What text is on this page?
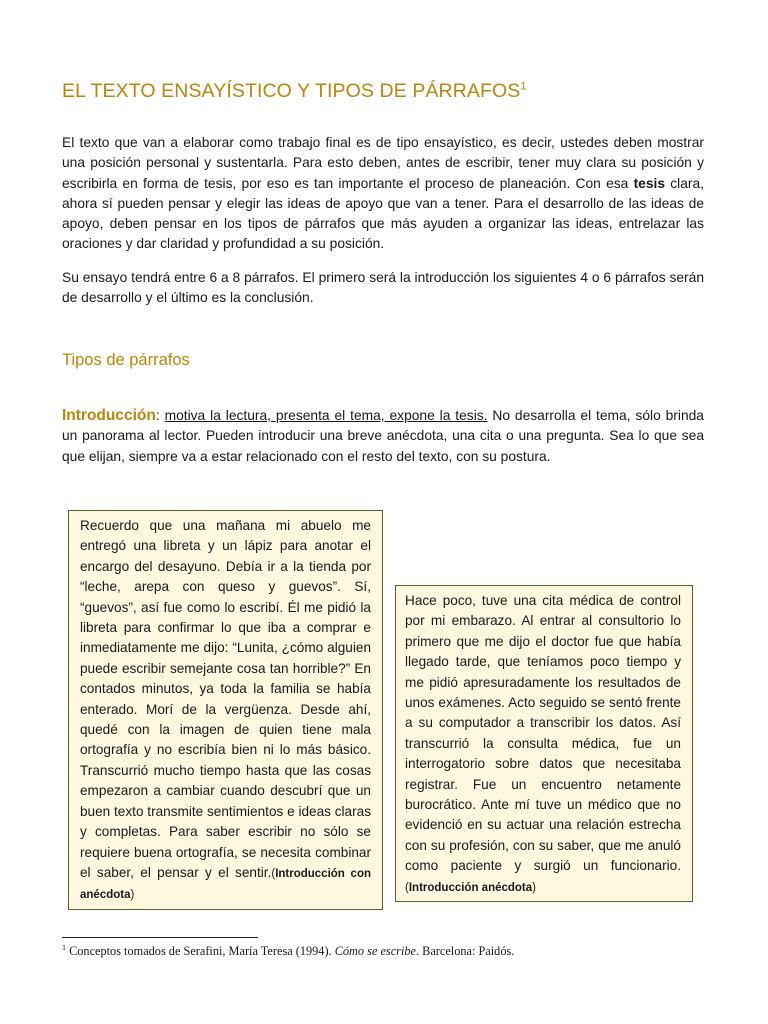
EL TEXTO ENSAYÍSTICO Y TIPOS DE PÁRRAFOS$^1$

El texto que van a elaborar como trabajo final es de tipo ensayístico, es decir, ustedes deben mostrar una posición personal y sustentarla. Para esto deben, antes de escribir, tener muy clara su posición y escribirla en forma de tesis, por eso es tan importante el proceso de planeación. Con esa tesis clara, ahora sí pueden pensar y elegir las ideas de apoyo que van a tener. Para el desarrollo de las ideas de apoyo, deben pensar en los tipos de párrafos que más ayuden a organizar las ideas, entrelazar las oraciones y dar claridad y profundidad a su posición.

Su ensayo tendrá entre 6 a 8 párrafos. El primero será la introducción los siguientes 4 o 6 párrafos serán de desarrollo y el último es la conclusión.

Tipos de párrafos

Introducción: motiva la lectura, presenta el tema, expone la tesis. No desarrolla el tema, sólo brinda un panorama al lector. Pueden introducir una breve anécdota, una cita o una pregunta. Sea lo que sea que elijan, siempre va a estar relacionado con el resto del texto, con su postura.

Recuerdo que una mañana mi abuelo me entregó una libreta y un lápiz para anotar el encargo del desayuno. Debía ir a la tienda por “leche, arepa con queso y guevos”. Sí, “guevos”, así fue como lo escribí. Él me pidió la libreta para confirmar lo que iba a comprar e inmediatamente me dijo: “Lunita, ¿cómo alguien puede escribir semejante cosa tan horrible?” En contados minutos, ya toda la familia se había enterado. Morí de la vergüenza. Desde ahí, quedé con la imagen de quien tiene mala ortografía y no escribía bien ni lo más básico. Transcurrió mucho tiempo hasta que las cosas empezaron a cambiar cuando descubrí que un buen texto transmite sentimientos e ideas claras y completas. Para saber escribir no sólo se requiere buena ortografía, se necesita combinar el saber, el pensar y el sentir.(Introducción con anécdota)

Hace poco, tuve una cita médica de control por mi embarazo. Al entrar al consultorio lo primero que me dijo el doctor fue que había llegado tarde, que teníamos poco tiempo y me pidió apresuradamente los resultados de unos exámenes. Acto seguido se sentó frente a su computador a transcribir los datos. Así transcurrió la consulta médica, fue un interrogatorio sobre datos que necesitaba registrar. Fue un encuentro netamente burocrático. Ante mí tuve un médico que no evidenció en su actuar una relación estrecha con su profesión, con su saber, que me anuló como paciente y surgió un funcionario. (Introducción anécdota)

$^1$ Conceptos tomados de Serafini, María Teresa (1994). Cómo se escribe. Barcelona: Paidós.
